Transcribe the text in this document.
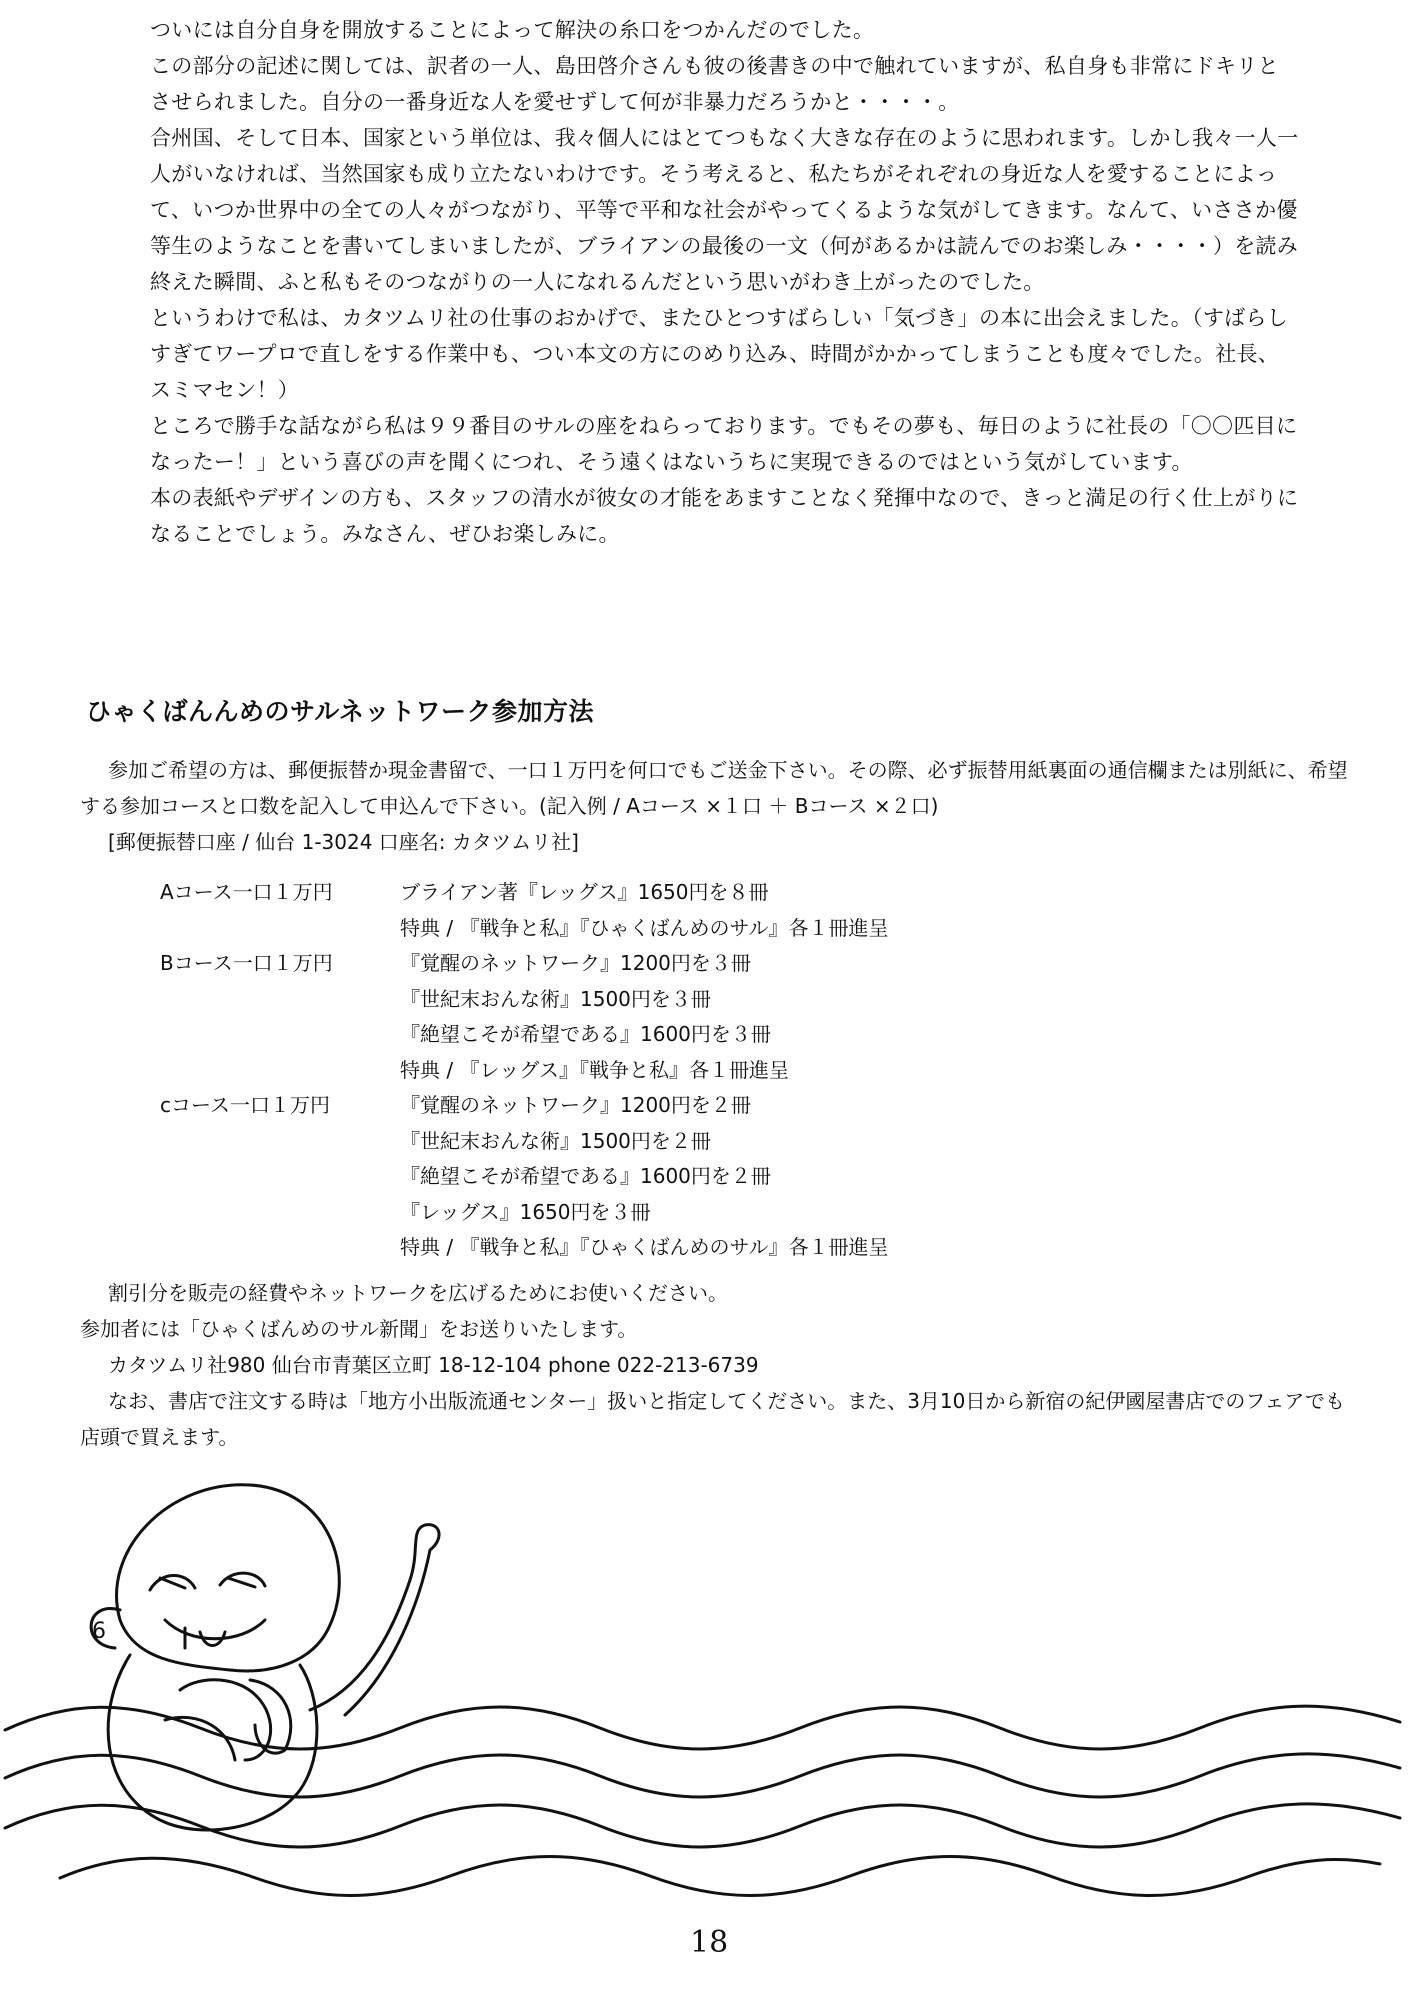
ついには自分自身を開放することによって解決の糸口をつかんだのでした。

この部分の記述に関しては、訳者の一人、島田啓介さんも彼の後書きの中で触れていますが、私自身も非常にドキリとさせられました。自分の一番身近な人を愛せずして何が非暴力だろうかと・・・・。

合州国、そして日本、国家という単位は、我々個人にはとてつもなく大きな存在のように思われます。しかし我々一人一人がいなければ、当然国家も成り立たないわけです。そう考えると、私たちがそれぞれの身近な人を愛することによって、いつか世界中の全ての人々がつながり、平等で平和な社会がやってくるような気がしてきます。なんて、いささか優等生のようなことを書いてしまいましたが、ブライアンの最後の一文（何があるかは読んでのお楽しみ・・・・）を読み終えた瞬間、ふと私もそのつながりの一人になれるんだという思いがわき上がったのでした。

というわけで私は、カタツムリ社の仕事のおかげで、またひとつすばらしい「気づき」の本に出会えました。（すばらしすぎてワープロで直しをする作業中も、つい本文の方にのめり込み、時間がかかってしまうことも度々でした。社長、スミマセン！）

ところで勝手な話ながら私は９９番目のサルの座をねらっております。でもその夢も、毎日のように社長の「〇〇匹目になったー！」という喜びの声を聞くにつれ、そう遠くはないうちに実現できるのではという気がしています。

本の表紙やデザインの方も、スタッフの清水が彼女の才能をあますことなく発揮中なので、きっと満足の行く仕上がりになることでしょう。みなさん、ぜひお楽しみに。

ひゃくばんんめのサルネットワーク参加方法

参加ご希望の方は、郵便振替か現金書留で、一口１万円を何口でもご送金下さい。その際、必ず振替用紙裏面の通信欄または別紙に、希望する参加コースと口数を記入して申込んで下さい。(記入例 / Aコース ×１口 ＋ Bコース ×２口)

[郵便振替口座 / 仙台 1-3024 口座名: カタツムリ社]

Aコース一口１万円	ブライアン著『レッグス』1650円を８冊
特典 / 『戦争と私』『ひゃくばんめのサル』各１冊進呈
Bコース一口１万円	『覚醒のネットワーク』1200円を３冊
『世紀末おんな術』1500円を３冊
『絶望こそが希望である』1600円を３冊
特典 / 『レッグス』『戦争と私』各１冊進呈
cコース一口１万円	『覚醒のネットワーク』1200円を２冊
『世紀末おんな術』1500円を２冊
『絶望こそが希望である』1600円を２冊
『レッグス』1650円を３冊
特典 / 『戦争と私』『ひゃくばんめのサル』各１冊進呈

割引分を販売の経費やネットワークを広げるためにお使いください。

参加者には「ひゃくばんめのサル新聞」をお送りいたします。

カタツムリ社980 仙台市青葉区立町 18-12-104 phone 022-213-6739

なお、書店で注文する時は「地方小出版流通センター」扱いと指定してください。また、3月10日から新宿の紀伊國屋書店でのフェアでも店頭で買えます。

6
18
